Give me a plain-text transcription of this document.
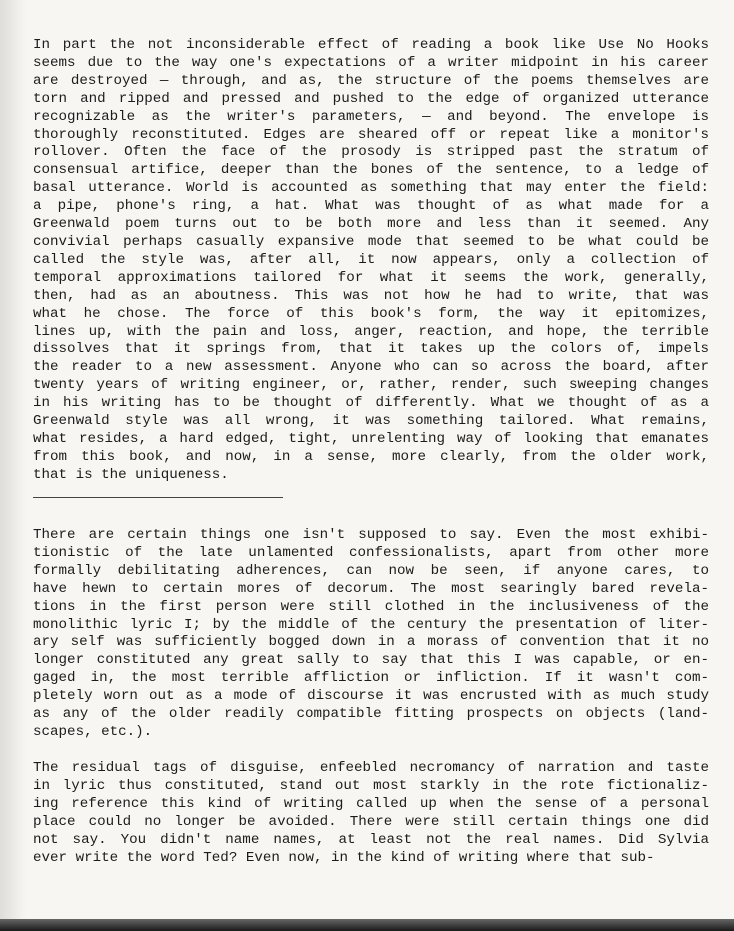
In part the not inconsiderable effect of reading a book like Use No Hooks
seems due to the way one's expectations of a writer midpoint in his career
are destroyed — through, and as, the structure of the poems themselves are
torn and ripped and pressed and pushed to the edge of organized utterance
recognizable as the writer's parameters, — and beyond. The envelope is
thoroughly reconstituted. Edges are sheared off or repeat like a monitor's
rollover. Often the face of the prosody is stripped past the stratum of
consensual artifice, deeper than the bones of the sentence, to a ledge of
basal utterance. World is accounted as something that may enter the field:
a pipe, phone's ring, a hat. What was thought of as what made for a
Greenwald poem turns out to be both more and less than it seemed. Any
convivial perhaps casually expansive mode that seemed to be what could be
called the style was, after all, it now appears, only a collection of
temporal approximations tailored for what it seems the work, generally,
then, had as an aboutness. This was not how he had to write, that was
what he chose. The force of this book's form, the way it epitomizes,
lines up, with the pain and loss, anger, reaction, and hope, the terrible
dissolves that it springs from, that it takes up the colors of, impels
the reader to a new assessment. Anyone who can so across the board, after
twenty years of writing engineer, or, rather, render, such sweeping changes
in his writing has to be thought of differently. What we thought of as a
Greenwald style was all wrong, it was something tailored. What remains,
what resides, a hard edged, tight, unrelenting way of looking that emanates
from this book, and now, in a sense, more clearly, from the older work,
that is the uniqueness.
There are certain things one isn't supposed to say. Even the most exhibi-
tionistic of the late unlamented confessionalists, apart from other more
formally debilitating adherences, can now be seen, if anyone cares, to
have hewn to certain mores of decorum. The most searingly bared revela-
tions in the first person were still clothed in the inclusiveness of the
monolithic lyric I; by the middle of the century the presentation of liter-
ary self was sufficiently bogged down in a morass of convention that it no
longer constituted any great sally to say that this I was capable, or en-
gaged in, the most terrible affliction or infliction. If it wasn't com-
pletely worn out as a mode of discourse it was encrusted with as much study
as any of the older readily compatible fitting prospects on objects (land-
scapes, etc.).
The residual tags of disguise, enfeebled necromancy of narration and taste
in lyric thus constituted, stand out most starkly in the rote fictionaliz-
ing reference this kind of writing called up when the sense of a personal
place could no longer be avoided. There were still certain things one did
not say. You didn't name names, at least not the real names. Did Sylvia
ever write the word Ted? Even now, in the kind of writing where that sub-
